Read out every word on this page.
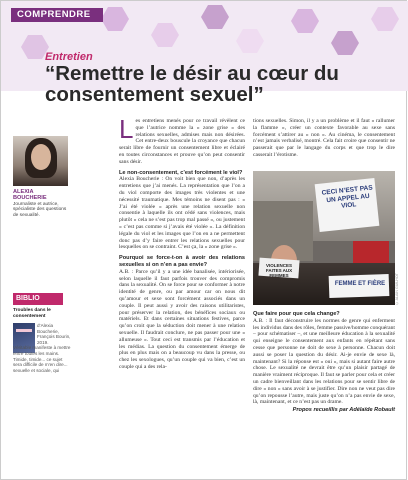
COMPRENDRE
Entretien
“Remettre le désir au cœur du consentement sexuel”
ALEXIA BOUCHERIE
Journaliste et autrice, spécialiste des questions de sexualité.
BIBLIO
Troubles dans le consentement
d’Alexia Boucherie, François Bourin, 2019.
Véritable manifeste à mettre entre toutes les mains. Timide, timide... ce sujet sera difficile de m’en dire...
sexuelle et sociale, qui
L es entretiens menés pour ce travail révèlent ce que l’autrice nomme la « zone grise » des relations sexuelles, admises mais non désirées. Cet entre-deux bouscule la croyance que chacun serait libre de fournir un consentement libre et éclairé en toutes circonstances et prouve qu’on peut consentir sans désir.
Le non-consentement, c’est forcément le viol?
Alexia Boucherie : On voit bien que non, d’après les entretiens que j’ai menés. La représentation que l’on a du viol comporte des images très violentes et une nécessité traumatique. Mes témoins ne disent pas : « J’ai été violée » après une relation sexuelle non consentie à laquelle ils ont cédé sans violences, mais plutôt « cela ne s’est pas trop mal passé », ou justement « c’est pas comme si j’avais été violée ». La définition légale du viol et les images que l’on en a ne permettent donc pas d’y faire entrer les relations sexuelles pour lesquelles on se contraint. C’est ça, la « zone grise ».
Pourquoi se force-t-on à avoir des relations sexuelles si on n’en a pas envie?
A.B. : Parce qu’il y a une idée banalisée, intériorisée, selon laquelle il faut parfois trouver des compromis dans la sexualité. On se force pour se conformer à notre identité de genre, ou par amour car on nous dit qu’amour et sexe sont forcément associés dans un couple. Il peut aussi y avoir des raisons utilitaristes, pour préserver la relation, des bénéfices sociaux ou matériels. Et dans certaines situations festives, parce qu’on croit que la séduction doit mener à une relation sexuelle. Il faudrait conclure, ne pas passer pour une « allumeuse ». Tout ceci est transmis par l’éducation et les médias. La question du consentement émerge de plus en plus mais on a beaucoup vu dans la presse, ou chez les sexologues, qu’un couple qui va bien, c’est un couple qui a des rela-
tions sexuelles. Simon, il y a un problème et il faut « rallumer la flamme », créer un contexte favorable au sexe sans forcément s’attirer au « non ». Au cinéma, le consentement n’est jamais verbalisé, montré. Cela fait croire que consentir ne passerait que par le langage du corps et que trop le dire casserait l’érotisme.
CECI N’EST PAS UN APPEL AU VIOL
FEMME ET FIÈRE
VIOLENCES FAITES AUX FEMMES	© ALAIN GUILHOT
Que faire pour que cela change?
A.B. : Il faut déconstruire les normes de genre qui enferment les individus dans des rôles, femme passive/homme conquérant – pour schématiser –, et une meilleure éducation à la sexualité qui enseigne le consentement aux enfants en répétant sans cesse que personne ne doit de sexe à personne. Chacun doit aussi se poser la question du désir. Ai-je envie de sexe là, maintenant? Si la réponse est « oui », mais si autant faire autre chose. Le sexualité ne devrait être qu’un plaisir partagé de manière vraiment réciproque. Il faut se parler pour cela et créer un cadre bienveillant dans les relations pour se sentir libre de dire « non » sans avoir à se justifier. Dire non ne veut pas dire qu’on repousse l’autre, mais juste qu’on n’a pas envie de sexe, là, maintenant, et ce n’est pas un drame.
Propos recueillis par Adélaïde Robault
